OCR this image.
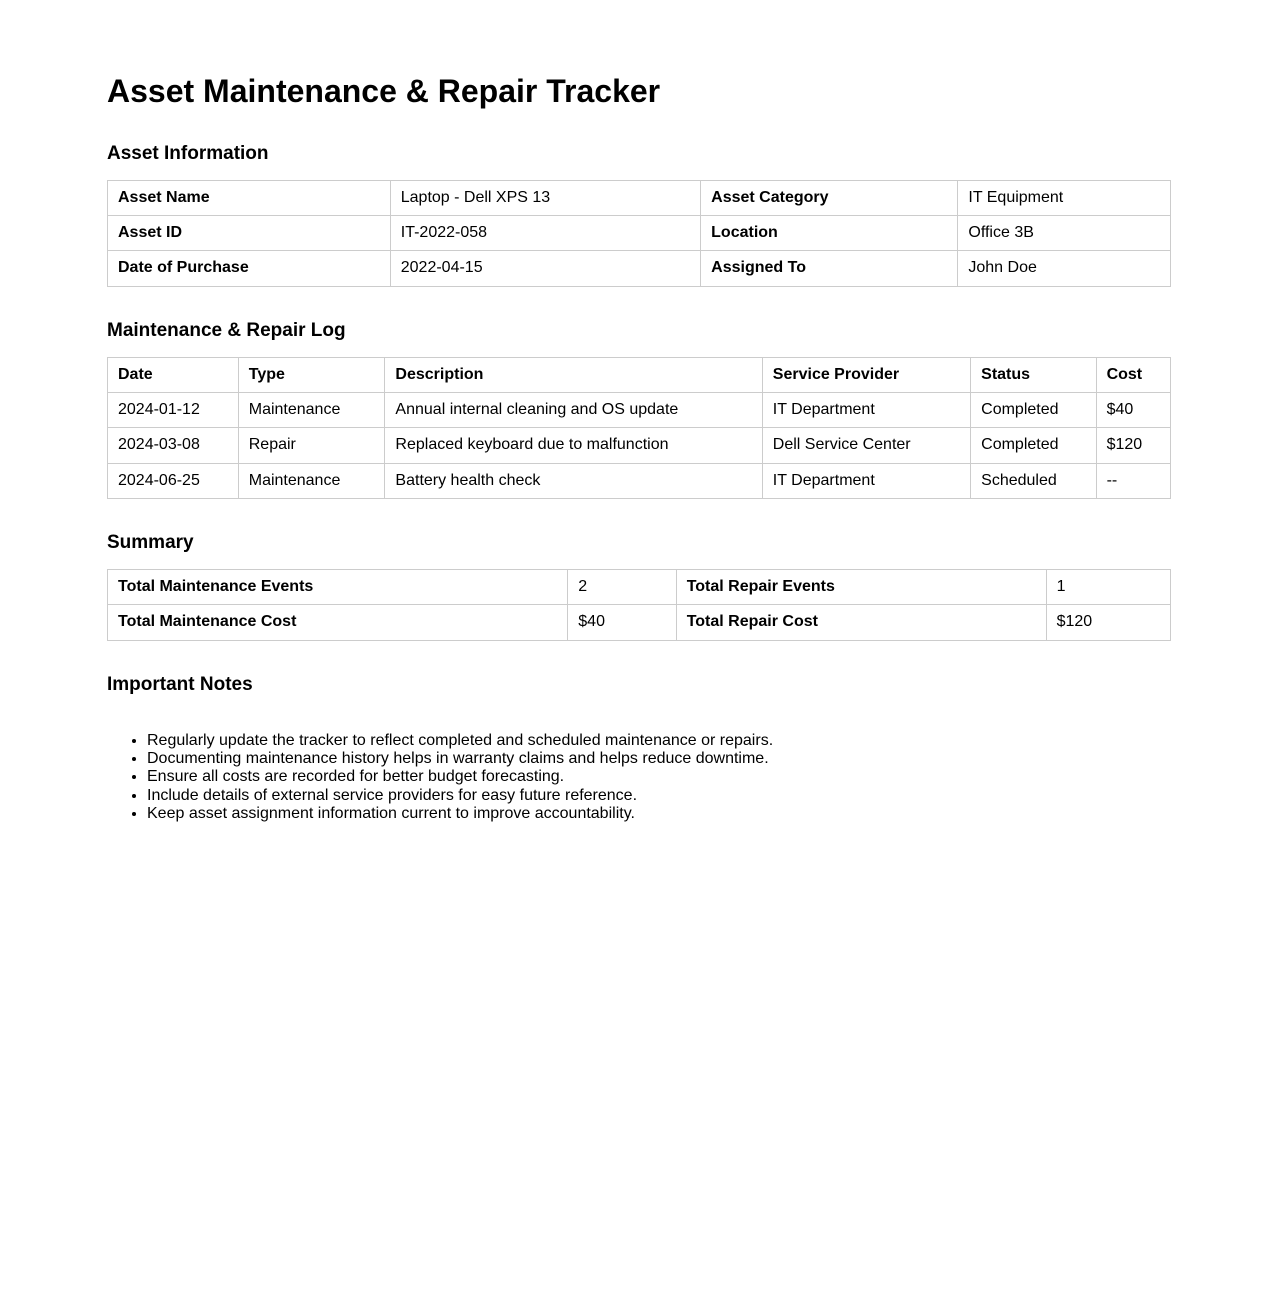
Asset Maintenance & Repair Tracker
Asset Information
Asset Name	Laptop - Dell XPS 13	Asset Category	IT Equipment
Asset ID	IT-2022-058	Location	Office 3B
Date of Purchase	2022-04-15	Assigned To	John Doe
Maintenance & Repair Log
Date	Type	Description	Service Provider	Status	Cost
2024-01-12	Maintenance	Annual internal cleaning and OS update	IT Department	Completed	$40
2024-03-08	Repair	Replaced keyboard due to malfunction	Dell Service Center	Completed	$120
2024-06-25	Maintenance	Battery health check	IT Department	Scheduled	--
Summary
Total Maintenance Events	2	Total Repair Events	1
Total Maintenance Cost	$40	Total Repair Cost	$120
Important Notes
• Regularly update the tracker to reflect completed and scheduled maintenance or repairs.
• Documenting maintenance history helps in warranty claims and helps reduce downtime.
• Ensure all costs are recorded for better budget forecasting.
• Include details of external service providers for easy future reference.
• Keep asset assignment information current to improve accountability.
